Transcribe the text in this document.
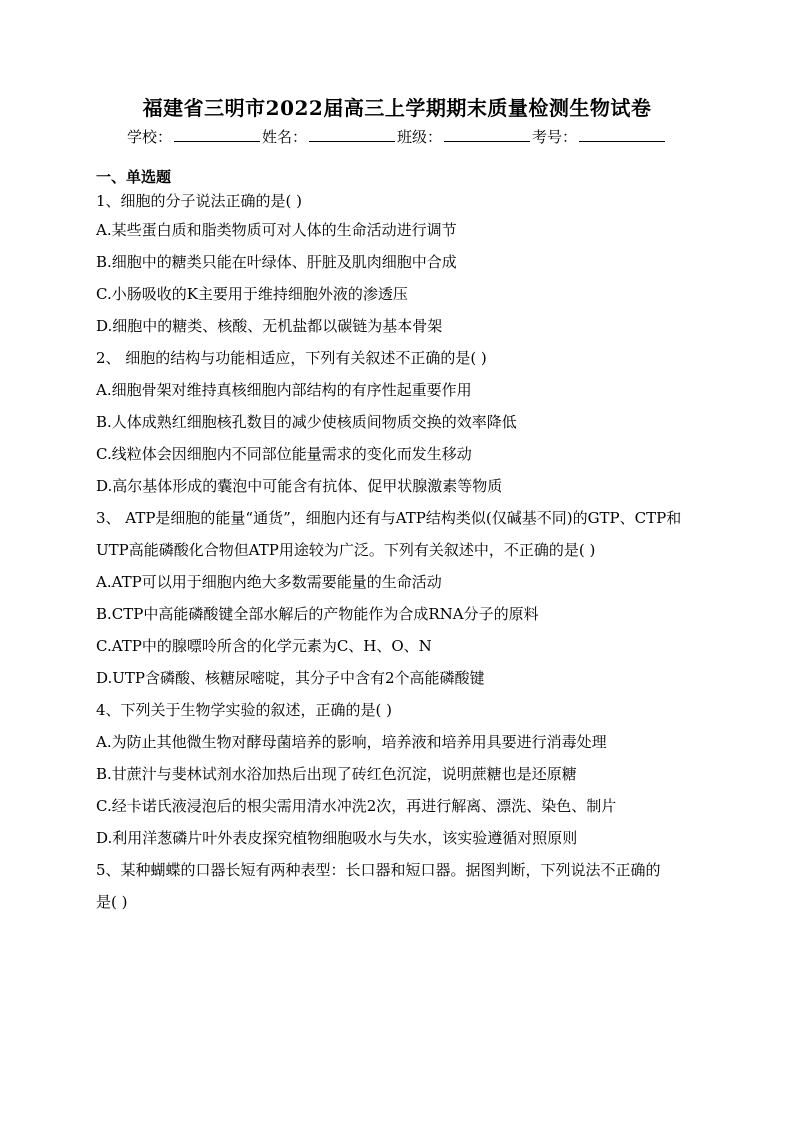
福建省三明市2022届高三上学期期末质量检测生物试卷
学校：	姓名：	班级：	考号：
一、单选题
1、细胞的分子说法正确的是( )
A.某些蛋白质和脂类物质可对人体的生命活动进行调节
B.细胞中的糖类只能在叶绿体、肝脏及肌肉细胞中合成
C.小肠吸收的K主要用于维持细胞外液的渗透压
D.细胞中的糖类、核酸、无机盐都以碳链为基本骨架
2、 细胞的结构与功能相适应，下列有关叙述不正确的是( )
A.细胞骨架对维持真核细胞内部结构的有序性起重要作用
B.人体成熟红细胞核孔数目的减少使核质间物质交换的效率降低
C.线粒体会因细胞内不同部位能量需求的变化而发生移动
D.高尔基体形成的囊泡中可能含有抗体、促甲状腺激素等物质
3、 ATP是细胞的能量“通货”，细胞内还有与ATP结构类似(仅碱基不同)的GTP、CTP和
UTP高能磷酸化合物但ATP用途较为广泛。下列有关叙述中，不正确的是( )
A.ATP可以用于细胞内绝大多数需要能量的生命活动
B.CTP中高能磷酸键全部水解后的产物能作为合成RNA分子的原料
C.ATP中的腺嘌呤所含的化学元素为C、H、O、N
D.UTP含磷酸、核糖尿嘧啶，其分子中含有2个高能磷酸键
4、下列关于生物学实验的叙述，正确的是( )
A.为防止其他微生物对酵母菌培养的影响，培养液和培养用具要进行消毒处理
B.甘蔗汁与斐林试剂水浴加热后出现了砖红色沉淀，说明蔗糖也是还原糖
C.经卡诺氏液浸泡后的根尖需用清水冲洗2次，再进行解离、漂洗、染色、制片
D.利用洋葱磷片叶外表皮探究植物细胞吸水与失水，该实验遵循对照原则
5、某种蝴蝶的口器长短有两种表型：长口器和短口器。据图判断，下列说法不正确的
是( )
